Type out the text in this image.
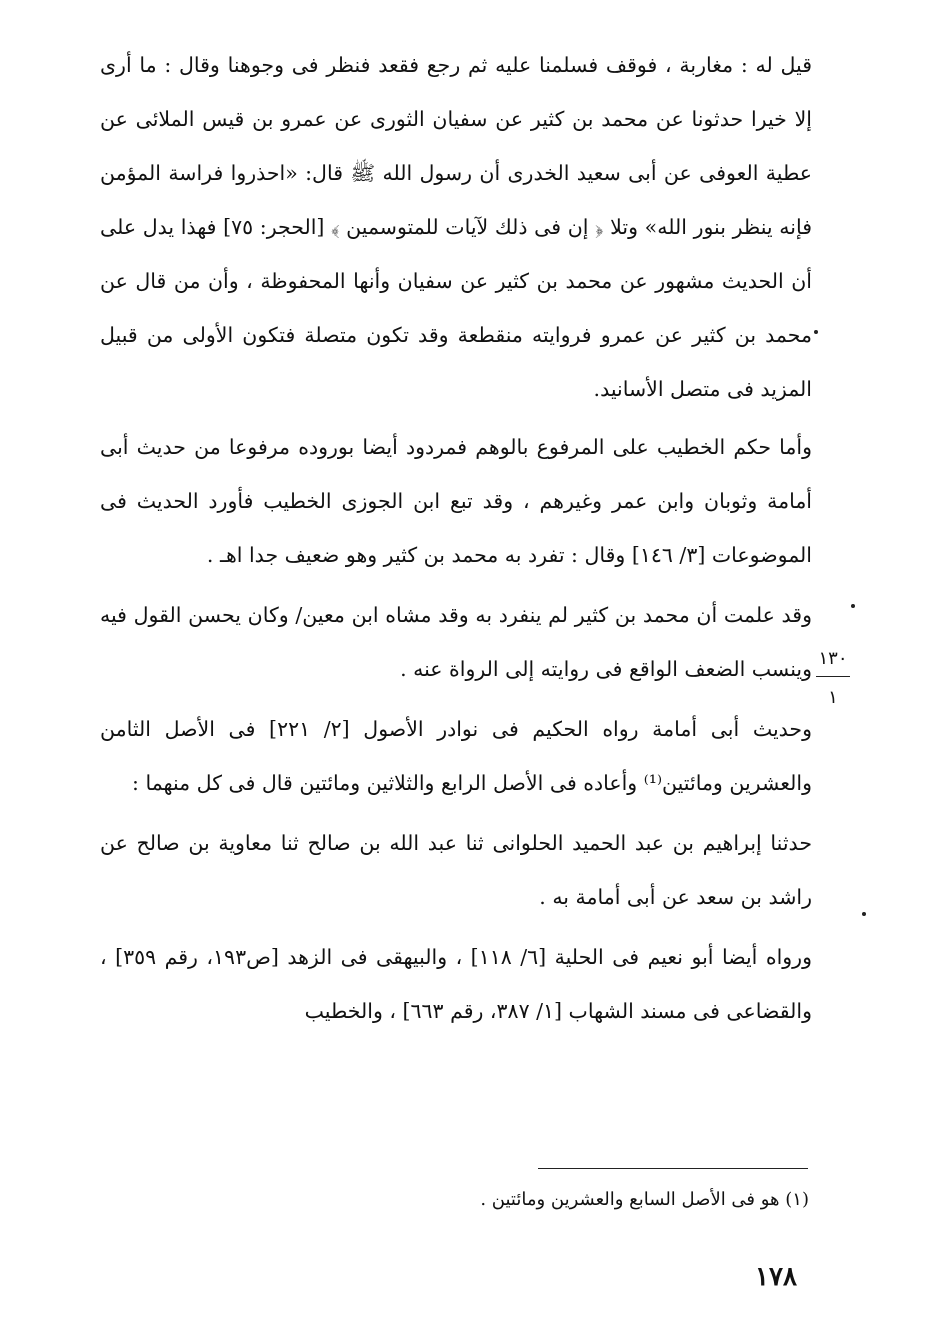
قيل له : مغاربة ، فوقف فسلمنا عليه ثم رجع فقعد فنظر فى وجوهنا وقال : ما أرى إلا خيرا حدثونا عن محمد بن كثير عن سفيان الثورى عن عمرو بن قيس الملائى عن عطية العوفى عن أبى سعيد الخدرى أن رسول الله ﷺ قال: «احذروا فراسة المؤمن فإنه ينظر بنور الله» وتلا ﴿ إن فى ذلك لآيات للمتوسمين ﴾ [الحجر: ٧٥] فهذا يدل على أن الحديث مشهور عن محمد بن كثير عن سفيان وأنها المحفوظة ، وأن من قال عن محمد بن كثير عن عمرو فروايته منقطعة وقد تكون متصلة فتكون الأولى من قبيل المزيد فى متصل الأسانيد.

وأما حكم الخطيب على المرفوع بالوهم فمردود أيضا بوروده مرفوعا من حديث أبى أمامة وثوبان وابن عمر وغيرهم ، وقد تبع ابن الجوزى الخطيب فأورد الحديث فى الموضوعات [٣/ ١٤٦] وقال : تفرد به محمد بن كثير وهو ضعيف جدا اهـ .

وقد علمت أن محمد بن كثير لم ينفرد به وقد مشاه ابن معين/ وكان يحسن القول فيه وينسب الضعف الواقع فى روايته إلى الرواة عنه .

وحديث أبى أمامة رواه الحكيم فى نوادر الأصول [٢/ ٢٢١] فى الأصل الثامن والعشرين ومائتين⁽¹⁾ وأعاده فى الأصل الرابع والثلاثين ومائتين قال فى كل منهما :

حدثنا إبراهيم بن عبد الحميد الحلوانى ثنا عبد الله بن صالح ثنا معاوية بن صالح عن راشد بن سعد عن أبى أمامة به .

ورواه أيضا أبو نعيم فى الحلية [٦/ ١١٨] ، والبيهقى فى الزهد [ص١٩٣، رقم ٣٥٩] ، والقضاعى فى مسند الشهاب [١/ ٣٨٧، رقم ٦٦٣] ، والخطيب

١٣٠
١
(١) هو فى الأصل السابع والعشرين ومائتين .
١٧٨
